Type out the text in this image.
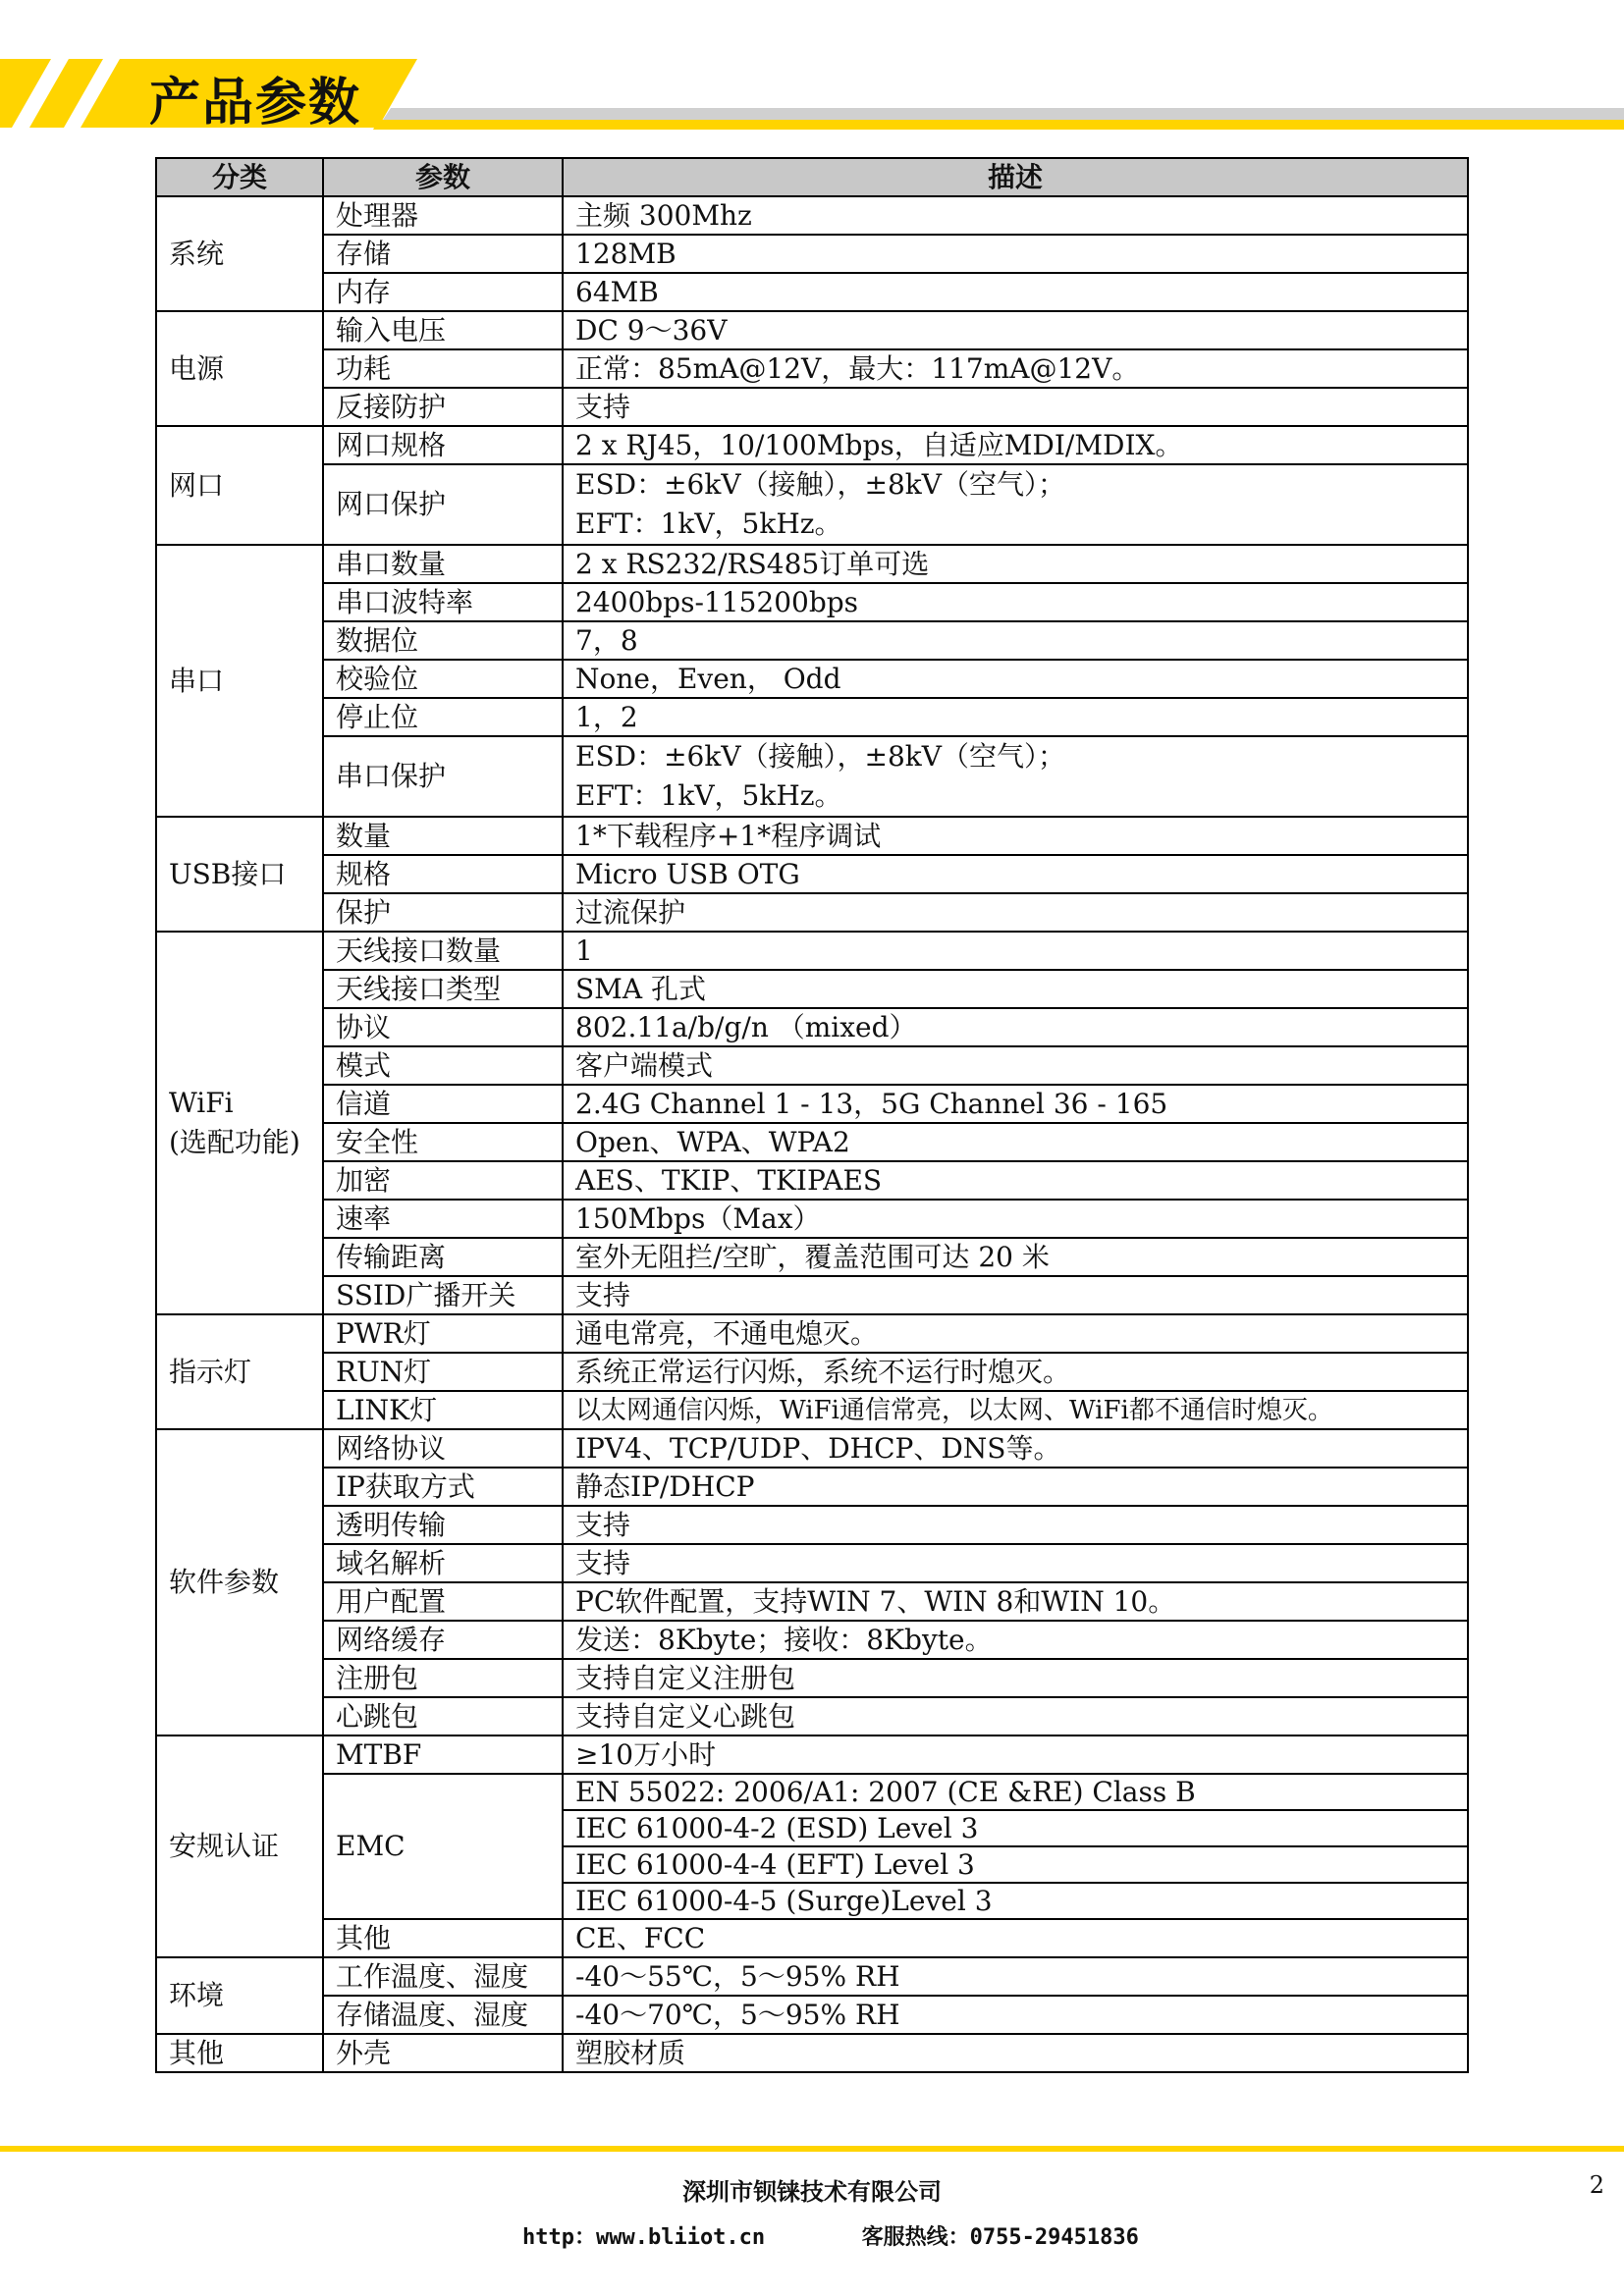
产品参数
分类	参数	描述
系统	处理器	主频 300Mhz
	存储	128MB
	内存	64MB
电源	输入电压	DC 9～36V
	功耗	正常：85mA@12V，最大：117mA@12V。
	反接防护	支持
网口	网口规格	2 x RJ45，10/100Mbps，自适应MDI/MDIX。
	网口保护	ESD：±6kV（接触），±8kV（空气）；
EFT：1kV，5kHz。

串口	串口数量	2 x RS232/RS485订单可选
	串口波特率	2400bps-115200bps
	数据位	7，8
	校验位	None，Even， Odd
	停止位	1，2
	串口保护	ESD：±6kV（接触），±8kV（空气）；
EFT：1kV，5kHz。

USB接口	数量	1*下载程序+1*程序调试
	规格	Micro USB OTG
	保护	过流保护

WiFi
(选配功能)	天线接口数量	1
	天线接口类型	SMA 孔式
	协议	802.11a/b/g/n （mixed）
	模式	客户端模式
	信道	2.4G Channel 1 - 13，5G Channel 36 - 165
	安全性	Open、WPA、WPA2
	加密	AES、TKIP、TKIPAES
	速率	150Mbps（Max）
	传输距离	室外无阻拦/空旷，覆盖范围可达 20 米
	SSID广播开关	支持
指示灯	PWR灯	通电常亮，不通电熄灭。
	RUN灯	系统正常运行闪烁，系统不运行时熄灭。
	LINK灯	以太网通信闪烁，WiFi通信常亮，以太网、WiFi都不通信时熄灭。
软件参数	网络协议	IPV4、TCP/UDP、DHCP、DNS等。
	IP获取方式	静态IP/DHCP
	透明传输	支持
	域名解析	支持
	用户配置	PC软件配置，支持WIN 7、WIN 8和WIN 10。
	网络缓存	发送：8Kbyte；接收：8Kbyte。
	注册包	支持自定义注册包
	心跳包	支持自定义心跳包
安规认证	MTBF	≥10万小时
	EMC	EN 55022: 2006/A1: 2007 (CE &RE) Class B
		IEC 61000-4-2 (ESD) Level 3
		IEC 61000-4-4 (EFT) Level 3
		IEC 61000-4-5 (Surge)Level 3
	其他	CE、FCC
环境	工作温度、湿度	-40～55℃，5～95% RH
	存储温度、湿度	-40～70℃，5～95% RH
其他	外壳	塑胶材质
深圳市钡铼技术有限公司	2
http：www.bliiot.cn	客服热线：0755-29451836
